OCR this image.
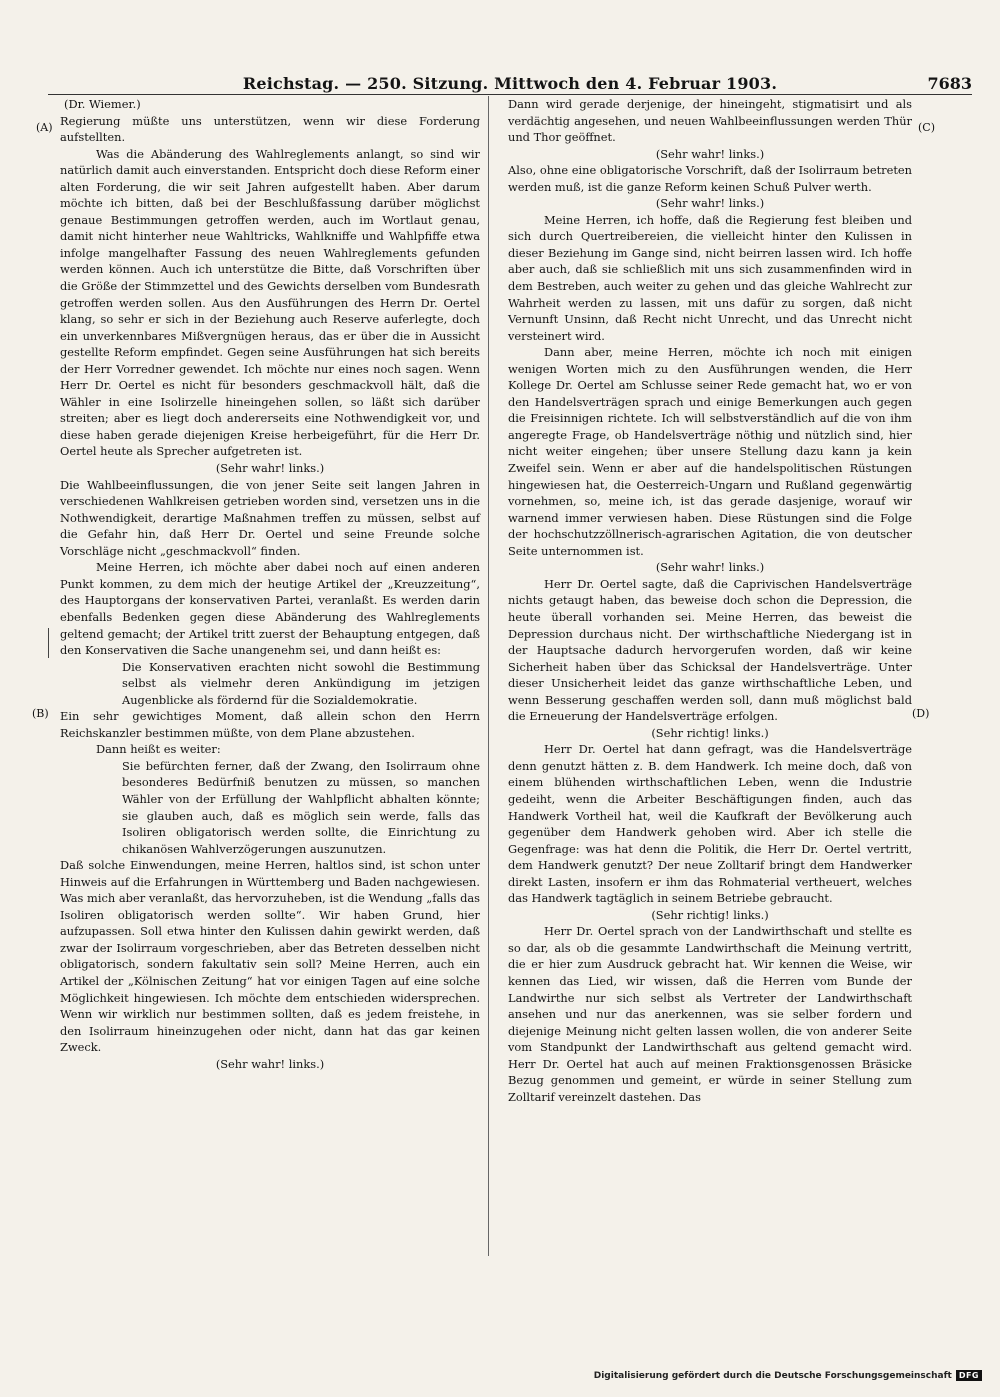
Reichstag. — 250. Sitzung. Mittwoch den 4. Februar 1903.	7683
(A)
(B)
(C)
(D)

(Dr. Wiemer.)

Regierung müßte uns unterstützen, wenn wir diese Forderung aufstellten.

Was die Abänderung des Wahlreglements anlangt, so sind wir natürlich damit auch einverstanden. Entspricht doch diese Reform einer alten Forderung, die wir seit Jahren aufgestellt haben. Aber darum möchte ich bitten, daß bei der Beschlußfassung darüber möglichst genaue Bestimmungen getroffen werden, auch im Wortlaut genau, damit nicht hinterher neue Wahltricks, Wahlkniffe und Wahlpfiffe etwa infolge mangelhafter Fassung des neuen Wahlreglements gefunden werden können. Auch ich unterstütze die Bitte, daß Vorschriften über die Größe der Stimmzettel und des Gewichts derselben vom Bundesrath getroffen werden sollen. Aus den Ausführungen des Herrn Dr. Oertel klang, so sehr er sich in der Beziehung auch Reserve auferlegte, doch ein unverkennbares Mißvergnügen heraus, das er über die in Aussicht gestellte Reform empfindet. Gegen seine Ausführungen hat sich bereits der Herr Vorredner gewendet. Ich möchte nur eines noch sagen. Wenn Herr Dr. Oertel es nicht für besonders geschmackvoll hält, daß die Wähler in eine Isolirzelle hineingehen sollen, so läßt sich darüber streiten; aber es liegt doch andererseits eine Nothwendigkeit vor, und diese haben gerade diejenigen Kreise herbeigeführt, für die Herr Dr. Oertel heute als Sprecher aufgetreten ist.

(Sehr wahr! links.)

Die Wahlbeeinflussungen, die von jener Seite seit langen Jahren in verschiedenen Wahlkreisen getrieben worden sind, versetzen uns in die Nothwendigkeit, derartige Maßnahmen treffen zu müssen, selbst auf die Gefahr hin, daß Herr Dr. Oertel und seine Freunde solche Vorschläge nicht „geschmackvoll“ finden.

Meine Herren, ich möchte aber dabei noch auf einen anderen Punkt kommen, zu dem mich der heutige Artikel der „Kreuzzeitung“, des Hauptorgans der konservativen Partei, veranlaßt. Es werden darin ebenfalls Bedenken gegen diese Abänderung des Wahlreglements geltend gemacht; der Artikel tritt zuerst der Behauptung entgegen, daß den Konservativen die Sache unangenehm sei, und dann heißt es:

Die Konservativen erachten nicht sowohl die Bestimmung selbst als vielmehr deren Ankündigung im jetzigen Augenblicke als fördernd für die Sozialdemokratie.

Ein sehr gewichtiges Moment, daß allein schon den Herrn Reichskanzler bestimmen müßte, von dem Plane abzustehen.

Dann heißt es weiter:

Sie befürchten ferner, daß der Zwang, den Isolirraum ohne besonderes Bedürfniß benutzen zu müssen, so manchen Wähler von der Erfüllung der Wahlpflicht abhalten könnte; sie glauben auch, daß es möglich sein werde, falls das Isoliren obligatorisch werden sollte, die Einrichtung zu chikanösen Wahlverzögerungen auszunutzen.

Daß solche Einwendungen, meine Herren, haltlos sind, ist schon unter Hinweis auf die Erfahrungen in Württemberg und Baden nachgewiesen. Was mich aber veranlaßt, das hervorzuheben, ist die Wendung „falls das Isoliren obligatorisch werden sollte“. Wir haben Grund, hier aufzupassen. Soll etwa hinter den Kulissen dahin gewirkt werden, daß zwar der Isolirraum vorgeschrieben, aber das Betreten desselben nicht obligatorisch, sondern fakultativ sein soll? Meine Herren, auch ein Artikel der „Kölnischen Zeitung“ hat vor einigen Tagen auf eine solche Möglichkeit hingewiesen. Ich möchte dem entschieden widersprechen. Wenn wir wirklich nur bestimmen sollten, daß es jedem freistehe, in den Isolirraum hineinzugehen oder nicht, dann hat das gar keinen Zweck.

(Sehr wahr! links.)

Dann wird gerade derjenige, der hineingeht, stigmatisirt und als verdächtig angesehen, und neuen Wahlbeeinflussungen werden Thür und Thor geöffnet.

(Sehr wahr! links.)

Also, ohne eine obligatorische Vorschrift, daß der Isolirraum betreten werden muß, ist die ganze Reform keinen Schuß Pulver werth.

(Sehr wahr! links.)

Meine Herren, ich hoffe, daß die Regierung fest bleiben und sich durch Quertreibereien, die vielleicht hinter den Kulissen in dieser Beziehung im Gange sind, nicht beirren lassen wird. Ich hoffe aber auch, daß sie schließlich mit uns sich zusammenfinden wird in dem Bestreben, auch weiter zu gehen und das gleiche Wahlrecht zur Wahrheit werden zu lassen, mit uns dafür zu sorgen, daß nicht Vernunft Unsinn, daß Recht nicht Unrecht, und das Unrecht nicht versteinert wird.

Dann aber, meine Herren, möchte ich noch mit einigen wenigen Worten mich zu den Ausführungen wenden, die Herr Kollege Dr. Oertel am Schlusse seiner Rede gemacht hat, wo er von den Handelsverträgen sprach und einige Bemerkungen auch gegen die Freisinnigen richtete. Ich will selbstverständlich auf die von ihm angeregte Frage, ob Handelsverträge nöthig und nützlich sind, hier nicht weiter eingehen; über unsere Stellung dazu kann ja kein Zweifel sein. Wenn er aber auf die handelspolitischen Rüstungen hingewiesen hat, die Oesterreich-Ungarn und Rußland gegenwärtig vornehmen, so, meine ich, ist das gerade dasjenige, worauf wir warnend immer verwiesen haben. Diese Rüstungen sind die Folge der hochschutzzöllnerisch-agrarischen Agitation, die von deutscher Seite unternommen ist.

(Sehr wahr! links.)

Herr Dr. Oertel sagte, daß die Caprivischen Handelsverträge nichts getaugt haben, das beweise doch schon die Depression, die heute überall vorhanden sei. Meine Herren, das beweist die Depression durchaus nicht. Der wirthschaftliche Niedergang ist in der Hauptsache dadurch hervorgerufen worden, daß wir keine Sicherheit haben über das Schicksal der Handelsverträge. Unter dieser Unsicherheit leidet das ganze wirthschaftliche Leben, und wenn Besserung geschaffen werden soll, dann muß möglichst bald die Erneuerung der Handelsverträge erfolgen.

(Sehr richtig! links.)

Herr Dr. Oertel hat dann gefragt, was die Handelsverträge denn genutzt hätten z. B. dem Handwerk. Ich meine doch, daß von einem blühenden wirthschaftlichen Leben, wenn die Industrie gedeiht, wenn die Arbeiter Beschäftigungen finden, auch das Handwerk Vortheil hat, weil die Kaufkraft der Bevölkerung auch gegenüber dem Handwerk gehoben wird. Aber ich stelle die Gegenfrage: was hat denn die Politik, die Herr Dr. Oertel vertritt, dem Handwerk genutzt? Der neue Zolltarif bringt dem Handwerker direkt Lasten, insofern er ihm das Rohmaterial vertheuert, welches das Handwerk tagtäglich in seinem Betriebe gebraucht.

(Sehr richtig! links.)

Herr Dr. Oertel sprach von der Landwirthschaft und stellte es so dar, als ob die gesammte Landwirthschaft die Meinung vertritt, die er hier zum Ausdruck gebracht hat. Wir kennen die Weise, wir kennen das Lied, wir wissen, daß die Herren vom Bunde der Landwirthe nur sich selbst als Vertreter der Landwirthschaft ansehen und nur das anerkennen, was sie selber fordern und diejenige Meinung nicht gelten lassen wollen, die von anderer Seite vom Standpunkt der Landwirthschaft aus geltend gemacht wird. Herr Dr. Oertel hat auch auf meinen Fraktionsgenossen Bräsicke Bezug genommen und gemeint, er würde in seiner Stellung zum Zolltarif vereinzelt dastehen. Das

Digitalisierung gefördert durch die Deutsche Forschungsgemeinschaft DFG
